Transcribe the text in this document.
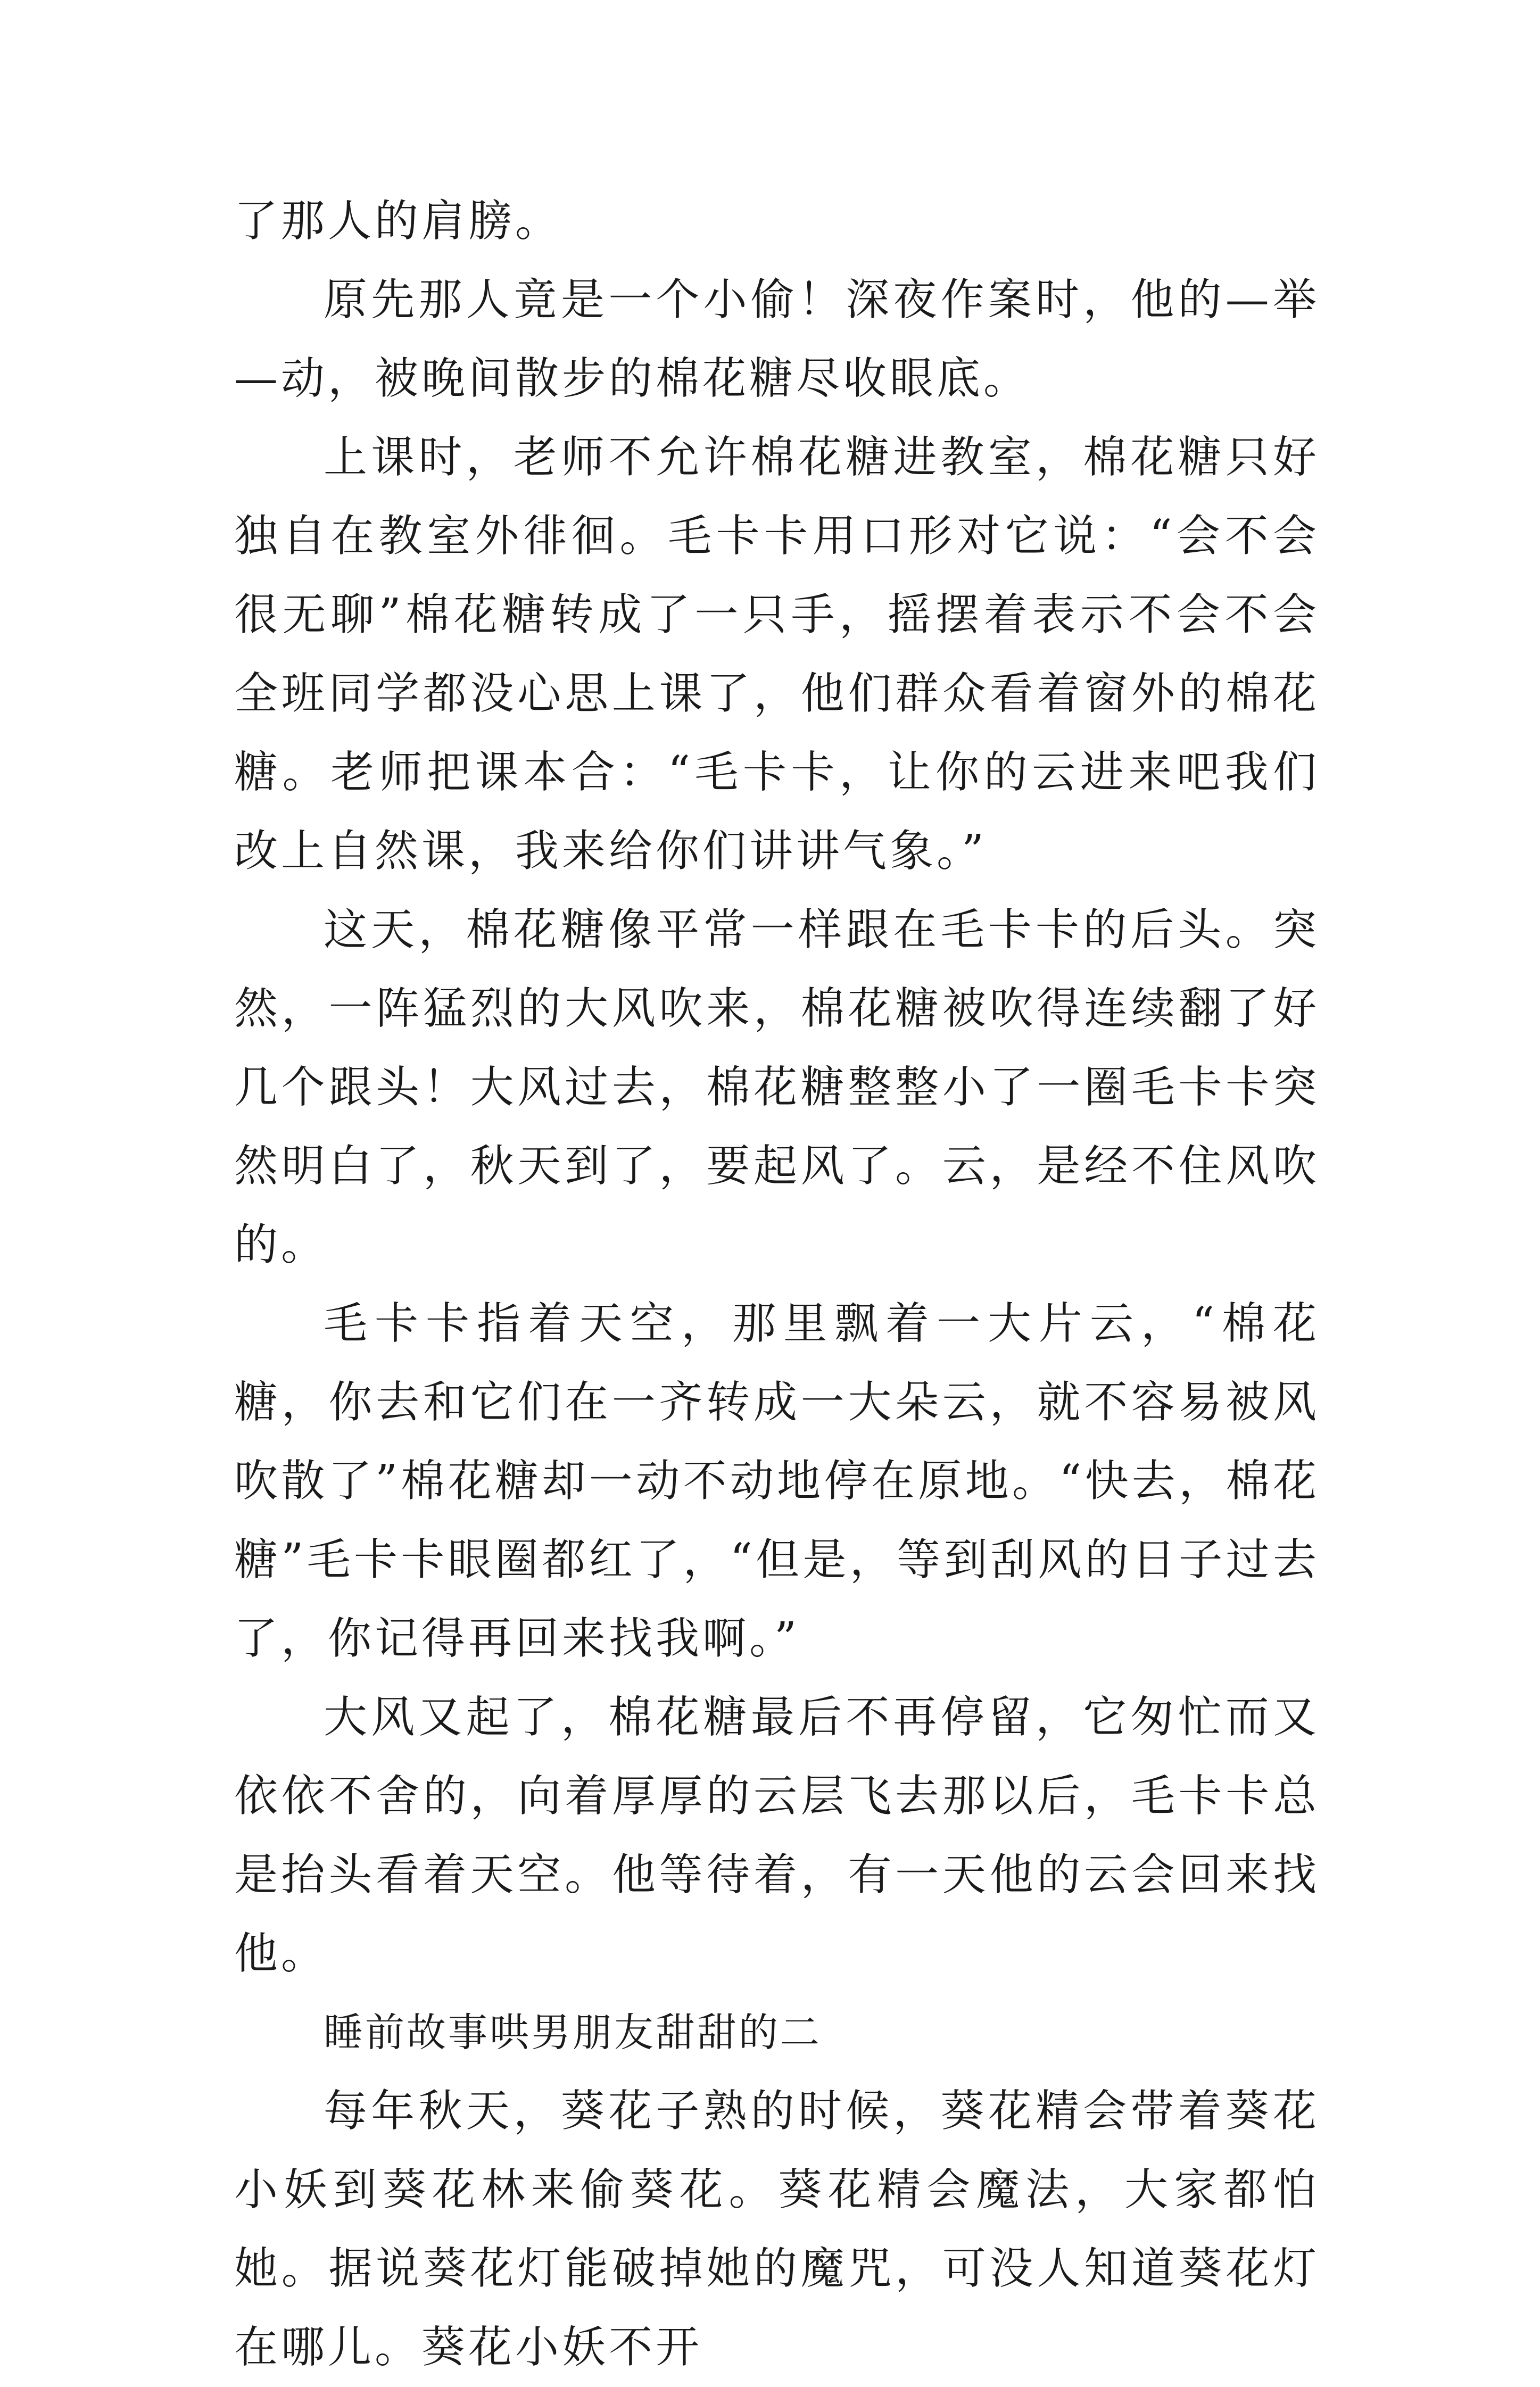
了那人的肩膀。

原先那人竟是一个小偷！深夜作案时，他的—举—动，被晚间散步的棉花糖尽收眼底。

上课时，老师不允许棉花糖进教室，棉花糖只好独自在教室外徘徊。毛卡卡用口形对它说：“会不会很无聊”棉花糖转成了一只手，摇摆着表示不会不会全班同学都没心思上课了，他们群众看着窗外的棉花糖。老师把课本合：“毛卡卡，让你的云进来吧我们改上自然课，我来给你们讲讲气象。”

这天，棉花糖像平常一样跟在毛卡卡的后头。突然，一阵猛烈的大风吹来，棉花糖被吹得连续翻了好几个跟头！大风过去，棉花糖整整小了一圈毛卡卡突然明白了，秋天到了，要起风了。云，是经不住风吹的。

毛卡卡指着天空，那里飘着一大片云，“棉花糖，你去和它们在一齐转成一大朵云，就不容易被风吹散了”棉花糖却一动不动地停在原地。“快去，棉花糖”毛卡卡眼圈都红了，“但是，等到刮风的日子过去了，你记得再回来找我啊。”

大风又起了，棉花糖最后不再停留，它匆忙而又依依不舍的，向着厚厚的云层飞去那以后，毛卡卡总是抬头看着天空。他等待着，有一天他的云会回来找他。

睡前故事哄男朋友甜甜的二

每年秋天，葵花子熟的时候，葵花精会带着葵花小妖到葵花林来偷葵花。葵花精会魔法，大家都怕她。据说葵花灯能破掉她的魔咒，可没人知道葵花灯在哪儿。葵花小妖不开
